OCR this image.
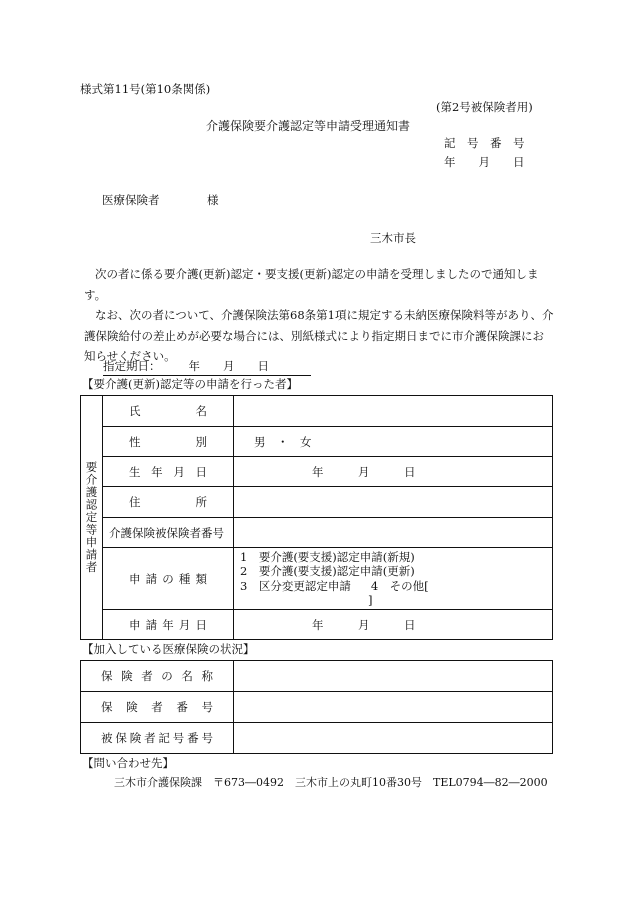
様式第11号(第10条関係)
(第2号被保険者用)
介護保険要介護認定等申請受理通知書
記　号　番　号
年　　月　　日
医療保険者	様
三木市長
次の者に係る要介護(更新)認定・要支援(更新)認定の申請を受理しましたので通知します。
なお、次の者について、介護保険法第68条第1項に規定する未納医療保険料等があり、介護保険給付の差止めが必要な場合には、別紙様式により指定期日までに市介護保険課にお知らせください。
指定期日： 年　　月　　日
【要介護(更新)認定等の申請を行った者】
要介護認定等申請者	氏名	

	性別	男　・　女

	生年月日	年　　　月　　　日

	住所	

	介護保険被保険者番号	

	申請の種類	1　要介護(要支援)認定申請(新規)
2　要介護(要支援)認定申請(更新)
3　区分変更認定申請 4　その他[]

	申請年月日	年　　　月　　　日
【加入している医療保険の状況】
保険者の名称	

保険者番号	

被保険者記号番号	

【問い合わせ先】
三木市介護保険課　〒673―0492　三木市上の丸町10番30号　TEL0794―82―2000
